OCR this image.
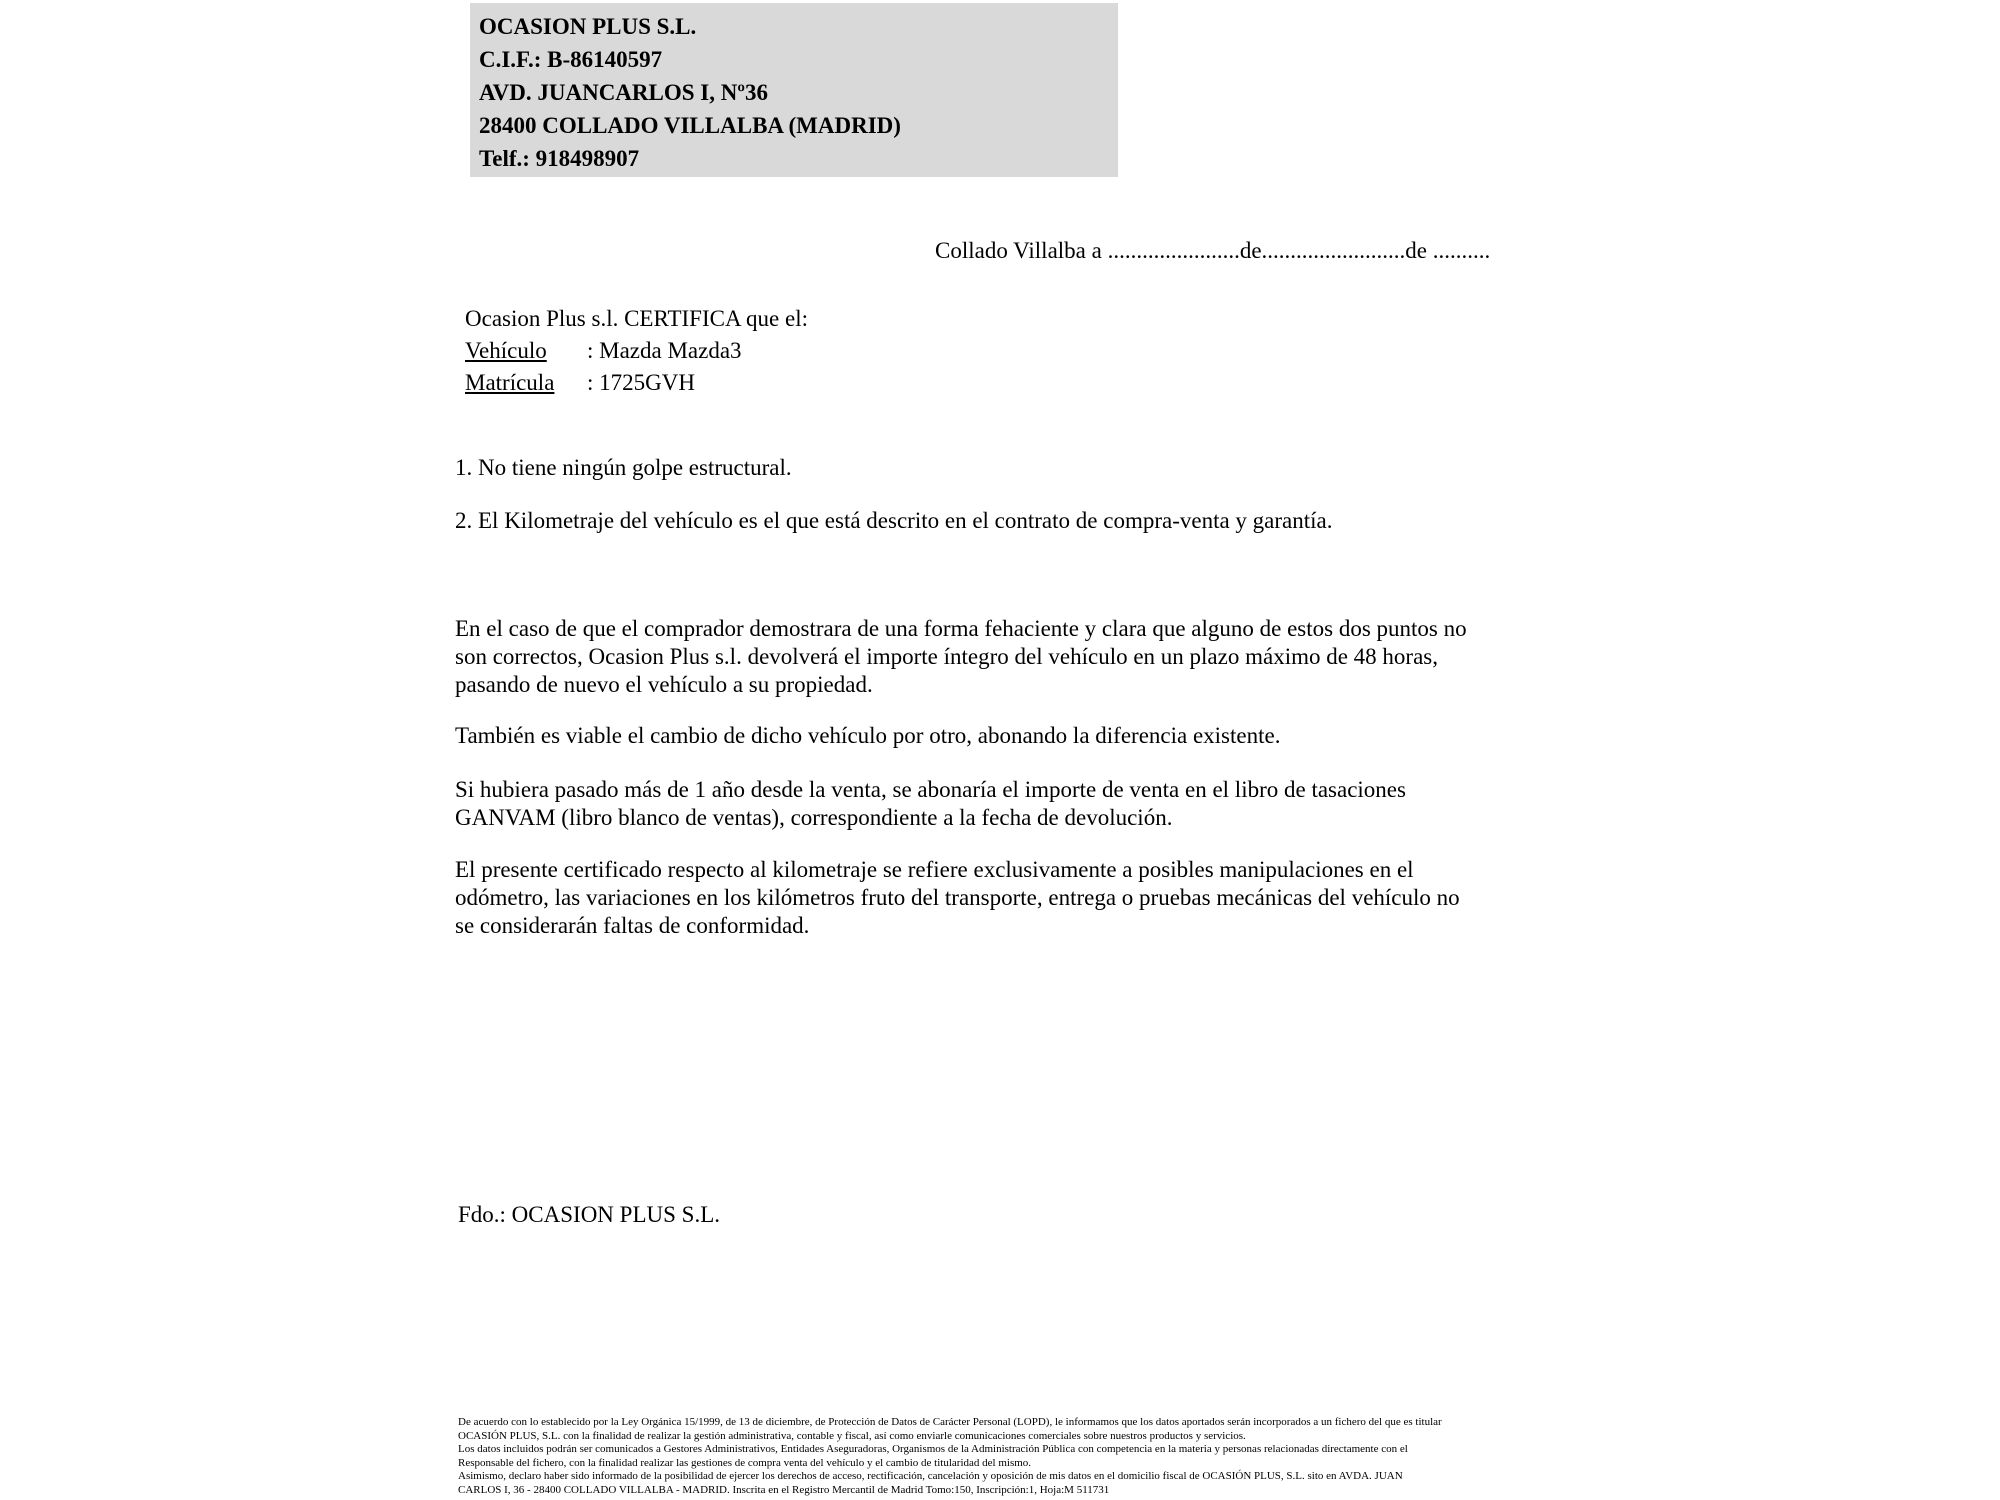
OCASION PLUS S.L.
C.I.F.: B-86140597
AVD. JUANCARLOS I, Nº36
28400 COLLADO VILLALBA (MADRID)
Telf.: 918498907
Collado Villalba a .......................de.........................de ..........
Ocasion Plus s.l. CERTIFICA que el:
Vehículo : Mazda Mazda3
Matrícula : 1725GVH
1. No tiene ningún golpe estructural.
2. El Kilometraje del vehículo es el que está descrito en el contrato de compra-venta y garantía.
En el caso de que el comprador demostrara de una forma fehaciente y clara que alguno de estos dos puntos no
son correctos, Ocasion Plus s.l. devolverá el importe íntegro del vehículo en un plazo máximo de 48 horas,
pasando de nuevo el vehículo a su propiedad.
También es viable el cambio de dicho vehículo por otro, abonando la diferencia existente.
Si hubiera pasado más de 1 año desde la venta, se abonaría el importe de venta en el libro de tasaciones
GANVAM (libro blanco de ventas), correspondiente a la fecha de devolución.
El presente certificado respecto al kilometraje se refiere exclusivamente a posibles manipulaciones en el
odómetro, las variaciones en los kilómetros fruto del transporte, entrega o pruebas mecánicas del vehículo no
se considerarán faltas de conformidad.
Fdo.: OCASION PLUS S.L.
De acuerdo con lo establecido por la Ley Orgánica 15/1999, de 13 de diciembre, de Protección de Datos de Carácter Personal (LOPD), le informamos que los datos aportados serán incorporados a un fichero del que es titular
OCASIÓN PLUS, S.L. con la finalidad de realizar la gestión administrativa, contable y fiscal, así como enviarle comunicaciones comerciales sobre nuestros productos y servicios.
Los datos incluidos podrán ser comunicados a Gestores Administrativos, Entidades Aseguradoras, Organismos de la Administración Pública con competencia en la materia y personas relacionadas directamente con el
Responsable del fichero, con la finalidad realizar las gestiones de compra venta del vehículo y el cambio de titularidad del mismo.
Asimismo, declaro haber sido informado de la posibilidad de ejercer los derechos de acceso, rectificación, cancelación y oposición de mis datos en el domicilio fiscal de OCASIÓN PLUS, S.L. sito en AVDA. JUAN
CARLOS I, 36 - 28400 COLLADO VILLALBA - MADRID. Inscrita en el Registro Mercantil de Madrid Tomo:150, Inscripción:1, Hoja:M 511731
